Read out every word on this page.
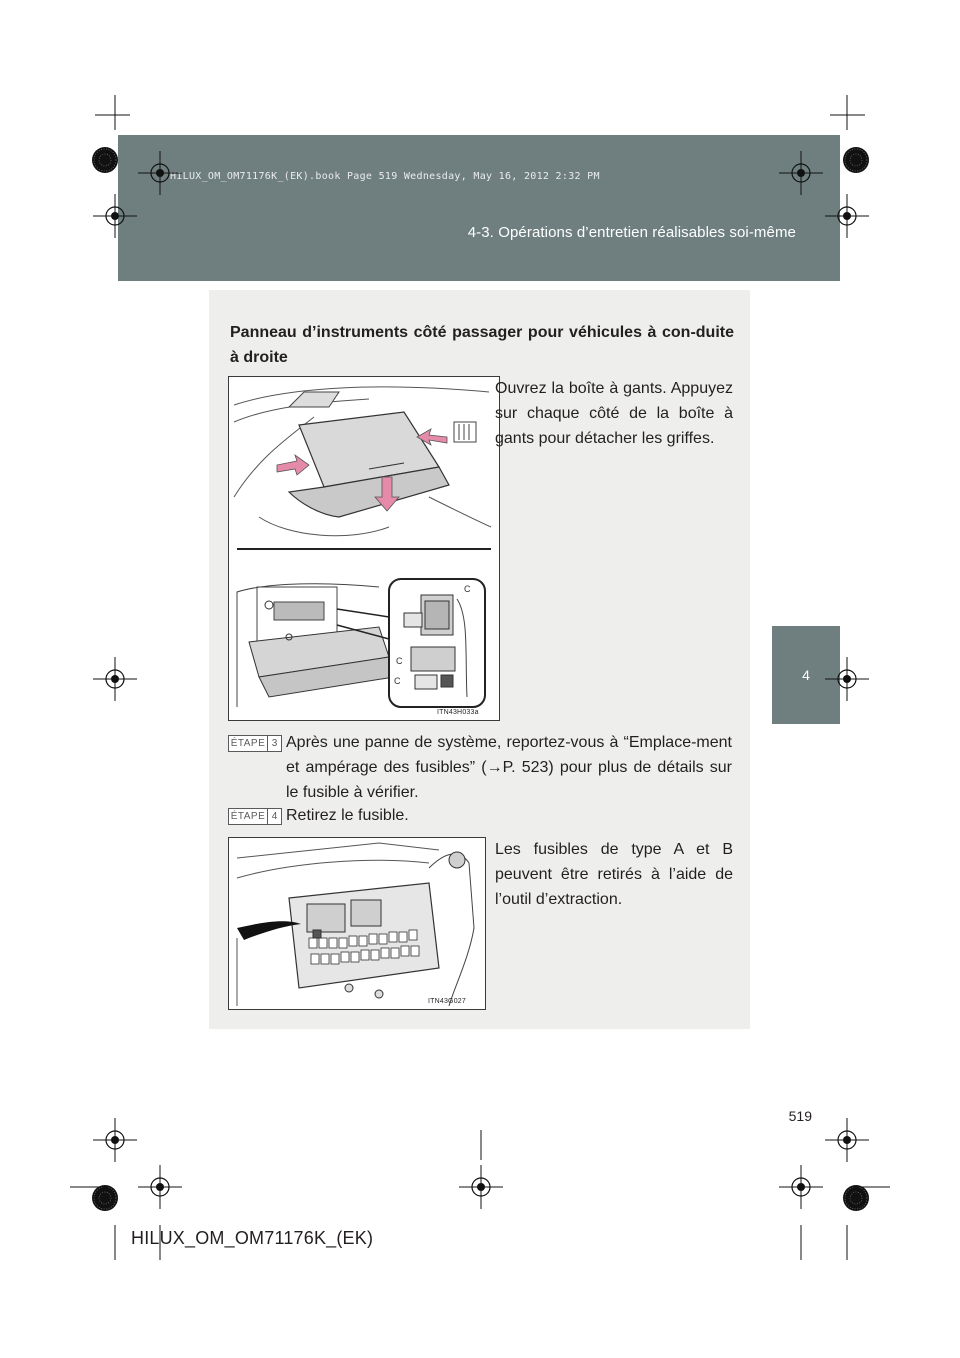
HILUX_OM_OM71176K_(EK).book Page 519 Wednesday, May 16, 2012 2:32 PM
4-3. Opérations d’entretien réalisables soi-même
4
Panneau d’instruments côté passager pour véhicules à con-duite à droite
C
C
C
ITN43H033a
Ouvrez la boîte à gants. Appuyez sur chaque côté de la boîte à gants pour détacher les griffes.
ÉTAPE 3 Après une panne de système, reportez-vous à “Emplace-ment et ampérage des fusibles” (→P. 523) pour plus de détails sur le fusible à vérifier.
ÉTAPE 4 Retirez le fusible.
ITN43G027
Les fusibles de type A et B peuvent être retirés à l’aide de l’outil d’extraction.
519
HILUX_OM_OM71176K_(EK)
